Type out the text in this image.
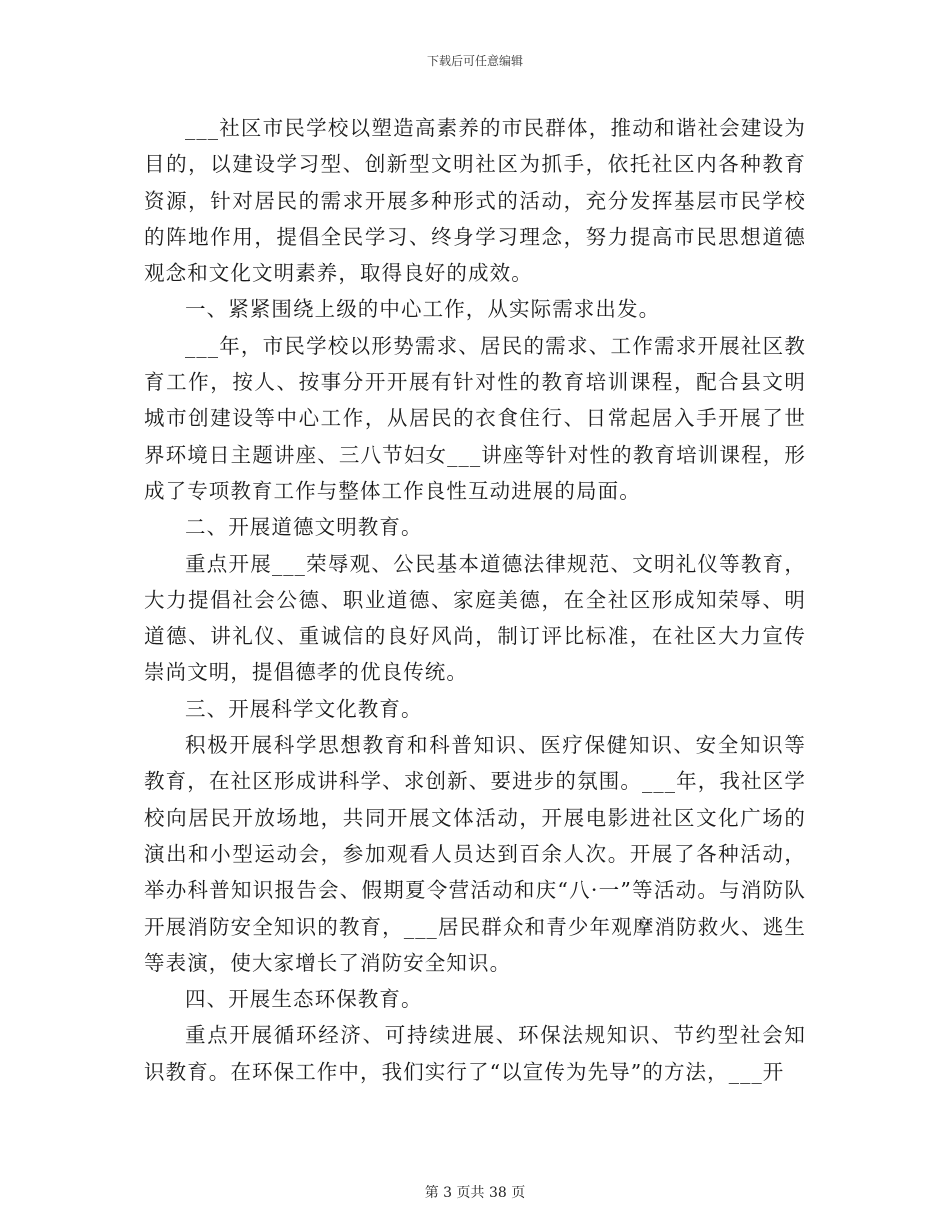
下载后可任意编辑

___社区市民学校以塑造高素养的市民群体，推动和谐社会建设为目的，以建设学习型、创新型文明社区为抓手，依托社区内各种教育资源，针对居民的需求开展多种形式的活动，充分发挥基层市民学校的阵地作用，提倡全民学习、终身学习理念，努力提高市民思想道德观念和文化文明素养，取得良好的成效。

一、紧紧围绕上级的中心工作，从实际需求出发。

___年，市民学校以形势需求、居民的需求、工作需求开展社区教育工作，按人、按事分开开展有针对性的教育培训课程，配合县文明城市创建设等中心工作，从居民的衣食住行、日常起居入手开展了世界环境日主题讲座、三八节妇女___讲座等针对性的教育培训课程，形成了专项教育工作与整体工作良性互动进展的局面。

二、开展道德文明教育。

重点开展___荣辱观、公民基本道德法律规范、文明礼仪等教育，大力提倡社会公德、职业道德、家庭美德，在全社区形成知荣辱、明道德、讲礼仪、重诚信的良好风尚，制订评比标准，在社区大力宣传崇尚文明，提倡德孝的优良传统。

三、开展科学文化教育。

积极开展科学思想教育和科普知识、医疗保健知识、安全知识等教育，在社区形成讲科学、求创新、要进步的氛围。___年，我社区学校向居民开放场地，共同开展文体活动，开展电影进社区文化广场的演出和小型运动会，参加观看人员达到百余人次。开展了各种活动，举办科普知识报告会、假期夏令营活动和庆“八·一”等活动。与消防队开展消防安全知识的教育，___居民群众和青少年观摩消防救火、逃生等表演，使大家增长了消防安全知识。

四、开展生态环保教育。

重点开展循环经济、可持续进展、环保法规知识、节约型社会知识教育。在环保工作中，我们实行了“以宣传为先导”的方法，___开

第 3 页共 38 页
